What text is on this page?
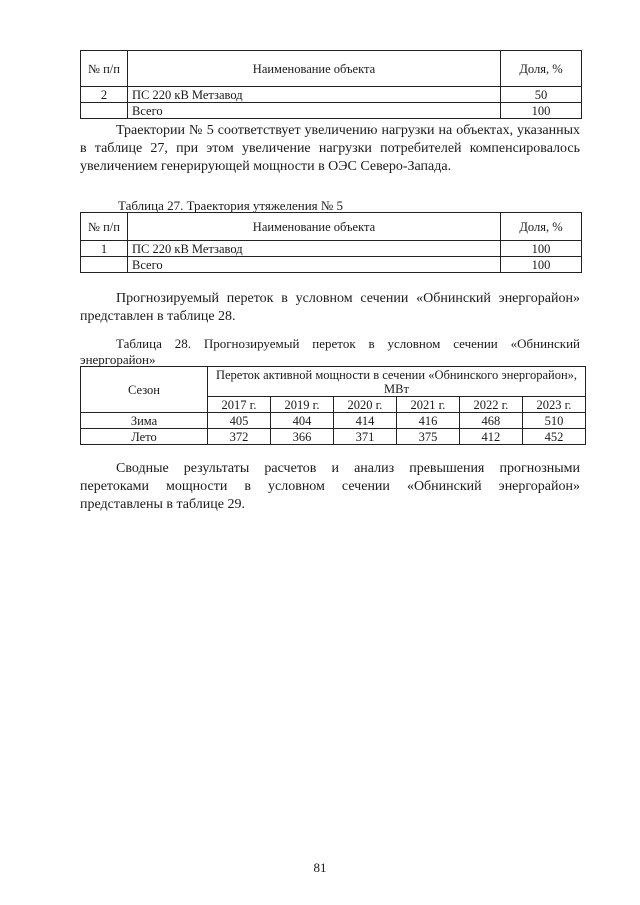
№ п/п	Наименование объекта	Доля, %
2	ПС 220 кВ Метзавод	50
	Всего	100

Траектории № 5 соответствует увеличению нагрузки на объектах, указанных в таблице 27, при этом увеличение нагрузки потребителей компенсировалось увеличением генерирующей мощности в ОЭС Северо-Запада.

Таблица 27. Траектория утяжеления № 5
№ п/п	Наименование объекта	Доля, %
1	ПС 220 кВ Метзавод	100
	Всего	100

Прогнозируемый переток в условном сечении «Обнинский энергорайон» представлен в таблице 28.

Таблица 28. Прогнозируемый переток в условном сечении «Обнинский энергорайон»
Сезон	Переток активной мощности в сечении «Обнинского энергорайон», МВт					
	2017 г.	2019 г.	2020 г.	2021 г.	2022 г.	2023 г.
Зима	405	404	414	416	468	510
Лето	372	366	371	375	412	452

Сводные результаты расчетов и анализ превышения прогнозными перетоками мощности в условном сечении «Обнинский энергорайон» представлены в таблице 29.

81
